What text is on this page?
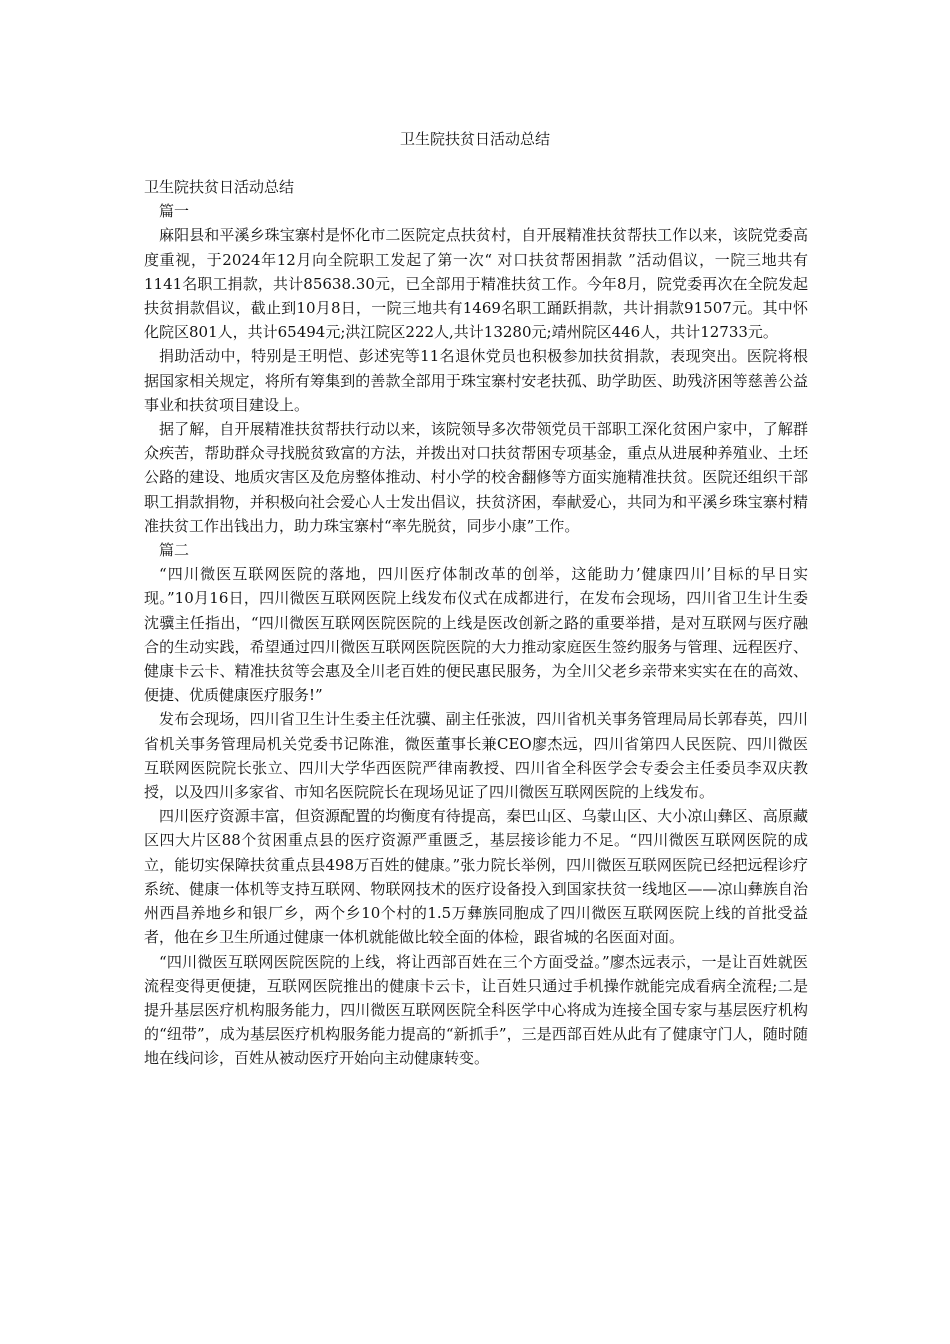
卫生院扶贫日活动总结

卫生院扶贫日活动总结

篇一

麻阳县和平溪乡珠宝寨村是怀化市二医院定点扶贫村，自开展精准扶贫帮扶工作以来，该院党委高度重视，于2024年12月向全院职工发起了第一次“ 对口扶贫帮困捐款 ”活动倡议，一院三地共有1141名职工捐款，共计85638.30元，已全部用于精准扶贫工作。今年8月，院党委再次在全院发起扶贫捐款倡议，截止到10月8日，一院三地共有1469名职工踊跃捐款，共计捐款91507元。其中怀化院区801人，共计65494元;洪江院区222人,共计13280元;靖州院区446人，共计12733元。

捐助活动中，特别是王明恺、彭述宪等11名退休党员也积极参加扶贫捐款，表现突出。医院将根据国家相关规定，将所有筹集到的善款全部用于珠宝寨村安老扶孤、助学助医、助残济困等慈善公益事业和扶贫项目建设上。

据了解，自开展精准扶贫帮扶行动以来，该院领导多次带领党员干部职工深化贫困户家中，了解群众疾苦，帮助群众寻找脱贫致富的方法，并拨出对口扶贫帮困专项基金，重点从进展种养殖业、土坯公路的建设、地质灾害区及危房整体推动、村小学的校舍翻修等方面实施精准扶贫。医院还组织干部职工捐款捐物，并积极向社会爱心人士发出倡议，扶贫济困，奉献爱心，共同为和平溪乡珠宝寨村精准扶贫工作出钱出力，助力珠宝寨村“率先脱贫，同步小康”工作。

篇二

“四川微医互联网医院的落地，四川医疗体制改革的创举，这能助力’健康四川’目标的早日实现。”10月16日，四川微医互联网医院上线发布仪式在成都进行，在发布会现场，四川省卫生计生委沈骥主任指出，“四川微医互联网医院医院的上线是医改创新之路的重要举措，是对互联网与医疗融合的生动实践，希望通过四川微医互联网医院医院的大力推动家庭医生签约服务与管理、远程医疗、健康卡云卡、精准扶贫等会惠及全川老百姓的便民惠民服务，为全川父老乡亲带来实实在在的高效、便捷、优质健康医疗服务!”

发布会现场，四川省卫生计生委主任沈骥、副主任张波，四川省机关事务管理局局长郭春英，四川省机关事务管理局机关党委书记陈淮，微医董事长兼CEO廖杰远，四川省第四人民医院、四川微医互联网医院院长张立、四川大学华西医院严律南教授、四川省全科医学会专委会主任委员李双庆教授，以及四川多家省、市知名医院院长在现场见证了四川微医互联网医院的上线发布。

四川医疗资源丰富，但资源配置的均衡度有待提高，秦巴山区、乌蒙山区、大小凉山彝区、高原藏区四大片区88个贫困重点县的医疗资源严重匮乏，基层接诊能力不足。“四川微医互联网医院的成立，能切实保障扶贫重点县498万百姓的健康。”张力院长举例，四川微医互联网医院已经把远程诊疗系统、健康一体机等支持互联网、物联网技术的医疗设备投入到国家扶贫一线地区——凉山彝族自治州西昌养地乡和银厂乡，两个乡10个村的1.5万彝族同胞成了四川微医互联网医院上线的首批受益者，他在乡卫生所通过健康一体机就能做比较全面的体检，跟省城的名医面对面。

“四川微医互联网医院医院的上线，将让西部百姓在三个方面受益。”廖杰远表示，一是让百姓就医流程变得更便捷，互联网医院推出的健康卡云卡，让百姓只通过手机操作就能完成看病全流程;二是提升基层医疗机构服务能力，四川微医互联网医院全科医学中心将成为连接全国专家与基层医疗机构的“纽带”，成为基层医疗机构服务能力提高的“新抓手”，三是西部百姓从此有了健康守门人，随时随地在线问诊，百姓从被动医疗开始向主动健康转变。
